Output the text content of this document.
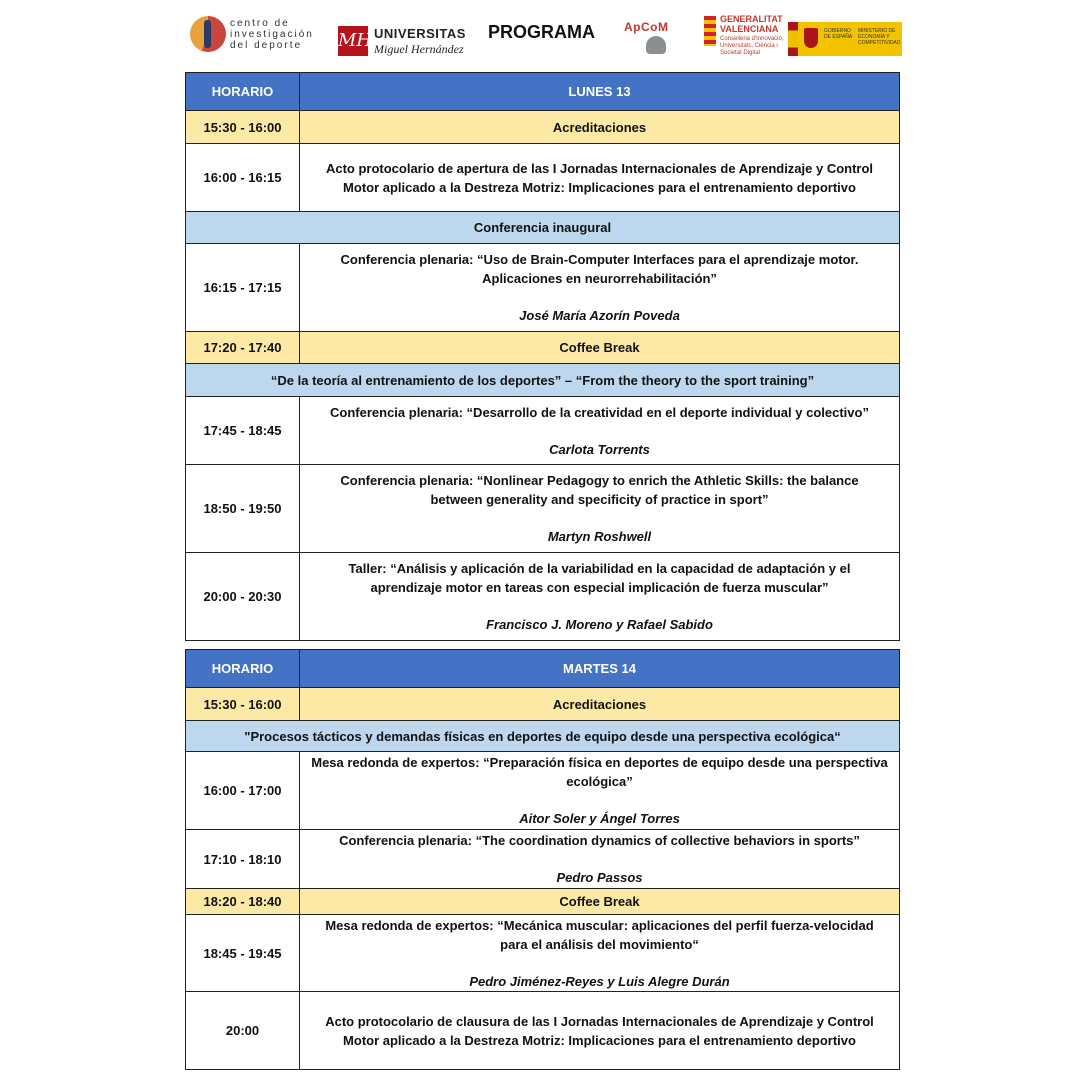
centro de investigación del deporte	MH UNIVERSITAS
Miguel Hernández
PROGRAMA ApCoM
GENERALITAT VALENCIANA
Conselleria d'Innovació, Universitats, Ciència i Societat Digital
GOBIERNO DE ESPAÑA
MINISTERIO DE ECONOMÍA Y COMPETITIVIDAD
HORARIO	LUNES 13
15:30 - 16:00	Acreditaciones
16:00 - 16:15	Acto protocolario de apertura de las I Jornadas Internacionales de Aprendizaje y Control Motor aplicado a la Destreza Motriz: Implicaciones para el entrenamiento deportivo
Conferencia inaugural	
16:15 - 17:15	Conferencia plenaria: “Uso de Brain-Computer Interfaces para el aprendizaje motor. Aplicaciones en neurorrehabilitación”
José María Azorín Poveda

17:20 - 17:40	Coffee Break
“De la teoría al entrenamiento de los deportes” – “From the theory to the sport training”	
17:45 - 18:45	Conferencia plenaria: “Desarrollo de la creatividad en el deporte individual y colectivo”
Carlota Torrents

18:50 - 19:50	Conferencia plenaria: “Nonlinear Pedagogy to enrich the Athletic Skills: the balance between generality and specificity of practice in sport”
Martyn Roshwell

20:00 - 20:30	Taller: “Análisis y aplicación de la variabilidad en la capacidad de adaptación y el aprendizaje motor en tareas con especial implicación de fuerza muscular”
Francisco J. Moreno y Rafael Sabido
HORARIO	MARTES 14
15:30 - 16:00	Acreditaciones
"Procesos tácticos y demandas físicas en deportes de equipo desde una perspectiva ecológica“	
16:00 - 17:00	Mesa redonda de expertos: “Preparación física en deportes de equipo desde una perspectiva ecológica”
Aitor Soler y Ángel Torres

17:10 - 18:10	Conferencia plenaria: “The coordination dynamics of collective behaviors in sports”
Pedro Passos

18:20 - 18:40	Coffee Break
18:45 - 19:45	Mesa redonda de expertos: “Mecánica muscular: aplicaciones del perfil fuerza-velocidad para el análisis del movimiento“
Pedro Jiménez-Reyes y Luis Alegre Durán

20:00	Acto protocolario de clausura de las I Jornadas Internacionales de Aprendizaje y Control Motor aplicado a la Destreza Motriz: Implicaciones para el entrenamiento deportivo
